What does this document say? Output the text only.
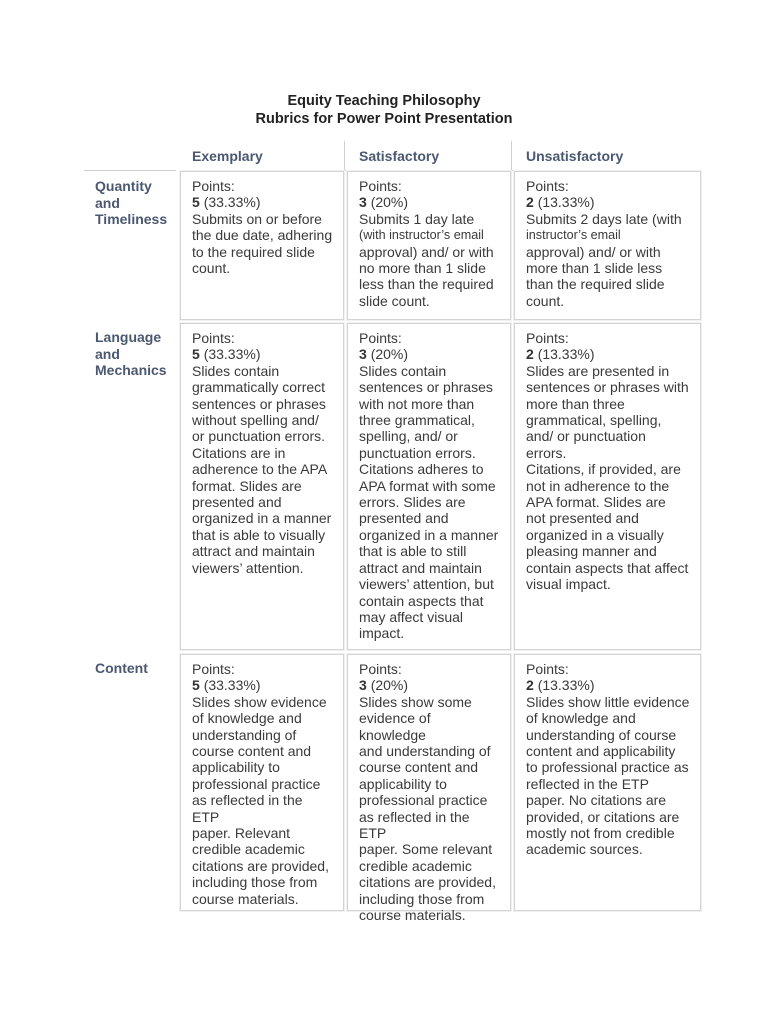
Equity Teaching Philosophy
Rubrics for Power Point Presentation
Exemplary	Satisfactory	Unsatisfactory
Quantity
and
Timeliness
Language
and
Mechanics
Content
Points:
5 (33.33%)
Submits on or before
the due date, adhering
to the required slide
count.
Points:
3 (20%)
Submits 1 day late
(with instructor’s email
approval) and/ or with
no more than 1 slide
less than the required
slide count.
Points:
2 (13.33%)
Submits 2 days late (with
instructor’s email
approval) and/ or with
more than 1 slide less
than the required slide
count.
Points:
5 (33.33%)
Slides contain
grammatically correct
sentences or phrases
without spelling and/
or punctuation errors.
Citations are in
adherence to the APA
format. Slides are
presented and
organized in a manner
that is able to visually
attract and maintain
viewers’ attention.
Points:
3 (20%)
Slides contain
sentences or phrases
with not more than
three grammatical,
spelling, and/ or
punctuation errors.
Citations adheres to
APA format with some
errors. Slides are
presented and
organized in a manner
that is able to still
attract and maintain
viewers’ attention, but
contain aspects that
may affect visual
impact.
Points:
2 (13.33%)
Slides are presented in
sentences or phrases with
more than three
grammatical, spelling,
and/ or punctuation errors.
Citations, if provided, are
not in adherence to the
APA format. Slides are
not presented and
organized in a visually
pleasing manner and
contain aspects that affect
visual impact.
Points:
5 (33.33%)
Slides show evidence
of knowledge and
understanding of
course content and
applicability to
professional practice
as reflected in the ETP
paper. Relevant
credible academic
citations are provided,
including those from
course materials.
Points:
3 (20%)
Slides show some
evidence of knowledge
and understanding of
course content and
applicability to
professional practice
as reflected in the ETP
paper. Some relevant
credible academic
citations are provided,
including those from
course materials.
Points:
2 (13.33%)
Slides show little evidence
of knowledge and
understanding of course
content and applicability
to professional practice as
reflected in the ETP
paper. No citations are
provided, or citations are
mostly not from credible
academic sources.
